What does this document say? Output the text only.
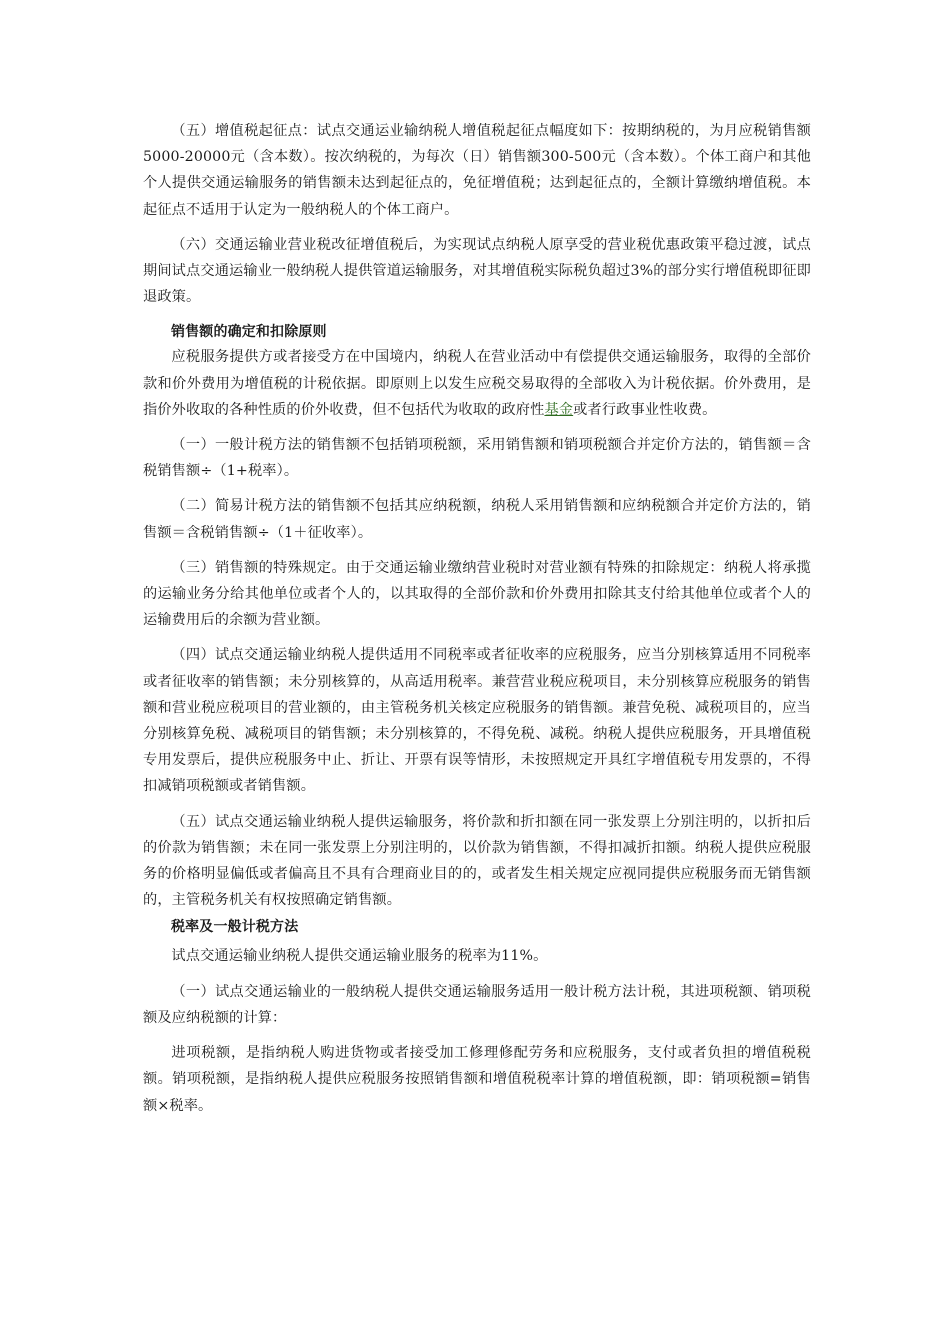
（五）增值税起征点：试点交通运业输纳税人增值税起征点幅度如下：按期纳税的，为月应税销售额5000-20000元（含本数）。按次纳税的，为每次（日）销售额300-500元（含本数）。个体工商户和其他个人提供交通运输服务的销售额未达到起征点的，免征增值税；达到起征点的，全额计算缴纳增值税。本起征点不适用于认定为一般纳税人的个体工商户。

（六）交通运输业营业税改征增值税后，为实现试点纳税人原享受的营业税优惠政策平稳过渡，试点期间试点交通运输业一般纳税人提供管道运输服务，对其增值税实际税负超过3%的部分实行增值税即征即退政策。

销售额的确定和扣除原则

应税服务提供方或者接受方在中国境内，纳税人在营业活动中有偿提供交通运输服务，取得的全部价款和价外费用为增值税的计税依据。即原则上以发生应税交易取得的全部收入为计税依据。价外费用，是指价外收取的各种性质的价外收费，但不包括代为收取的政府性基金或者行政事业性收费。

（一）一般计税方法的销售额不包括销项税额，采用销售额和销项税额合并定价方法的，销售额＝含税销售额÷（1+税率）。

（二）简易计税方法的销售额不包括其应纳税额，纳税人采用销售额和应纳税额合并定价方法的，销售额＝含税销售额÷（1＋征收率）。

（三）销售额的特殊规定。由于交通运输业缴纳营业税时对营业额有特殊的扣除规定：纳税人将承揽的运输业务分给其他单位或者个人的，以其取得的全部价款和价外费用扣除其支付给其他单位或者个人的运输费用后的余额为营业额。

（四）试点交通运输业纳税人提供适用不同税率或者征收率的应税服务，应当分别核算适用不同税率或者征收率的销售额；未分别核算的，从高适用税率。兼营营业税应税项目，未分别核算应税服务的销售额和营业税应税项目的营业额的，由主管税务机关核定应税服务的销售额。兼营免税、减税项目的，应当分别核算免税、减税项目的销售额；未分别核算的，不得免税、减税。纳税人提供应税服务，开具增值税专用发票后，提供应税服务中止、折让、开票有误等情形，未按照规定开具红字增值税专用发票的，不得扣减销项税额或者销售额。

（五）试点交通运输业纳税人提供运输服务，将价款和折扣额在同一张发票上分别注明的，以折扣后的价款为销售额；未在同一张发票上分别注明的，以价款为销售额，不得扣减折扣额。纳税人提供应税服务的价格明显偏低或者偏高且不具有合理商业目的的，或者发生相关规定应视同提供应税服务而无销售额的，主管税务机关有权按照确定销售额。

税率及一般计税方法

试点交通运输业纳税人提供交通运输业服务的税率为11%。

（一）试点交通运输业的一般纳税人提供交通运输服务适用一般计税方法计税，其进项税额、销项税额及应纳税额的计算：

进项税额，是指纳税人购进货物或者接受加工修理修配劳务和应税服务，支付或者负担的增值税税额。销项税额，是指纳税人提供应税服务按照销售额和增值税税率计算的增值税额，即：销项税额=销售额×税率。
